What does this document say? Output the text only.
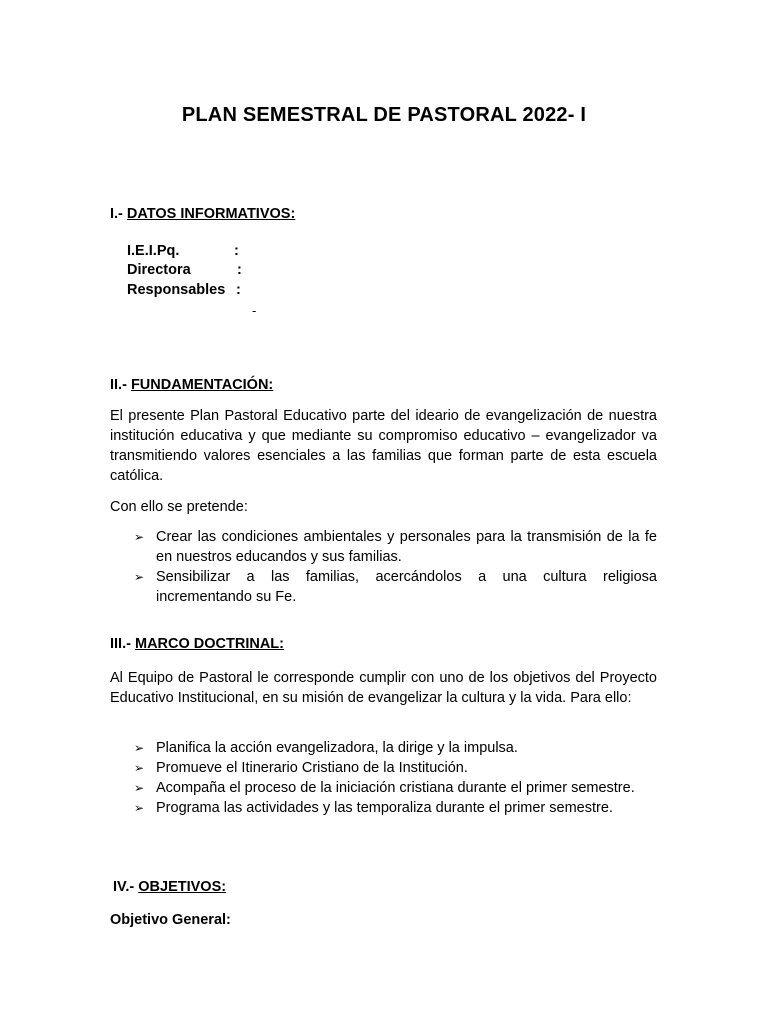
PLAN SEMESTRAL DE PASTORAL 2022- I
I.- DATOS INFORMATIVOS:
I.E.I.Pq.	:
Directora	:
Responsables :
-
II.- FUNDAMENTACIÓN:
El presente Plan Pastoral Educativo parte del ideario de evangelización de nuestra institución educativa y que mediante su compromiso educativo – evangelizador va transmitiendo valores esenciales a las familias que forman parte de esta escuela católica.
Con ello se pretende:
➢ Crear las condiciones ambientales y personales para la transmisión de la fe en nuestros educandos y sus familias.
➢ Sensibilizar a las familias, acercándolos a una cultura religiosa incrementando su Fe.
III.- MARCO DOCTRINAL:
Al Equipo de Pastoral le corresponde cumplir con uno de los objetivos del Proyecto Educativo Institucional, en su misión de evangelizar la cultura y la vida. Para ello:
➢ Planifica la acción evangelizadora, la dirige y la impulsa.
➢ Promueve el Itinerario Cristiano de la Institución.
➢ Acompaña el proceso de la iniciación cristiana durante el primer semestre.
➢ Programa las actividades y las temporaliza durante el primer semestre.
IV.- OBJETIVOS:
Objetivo General:
